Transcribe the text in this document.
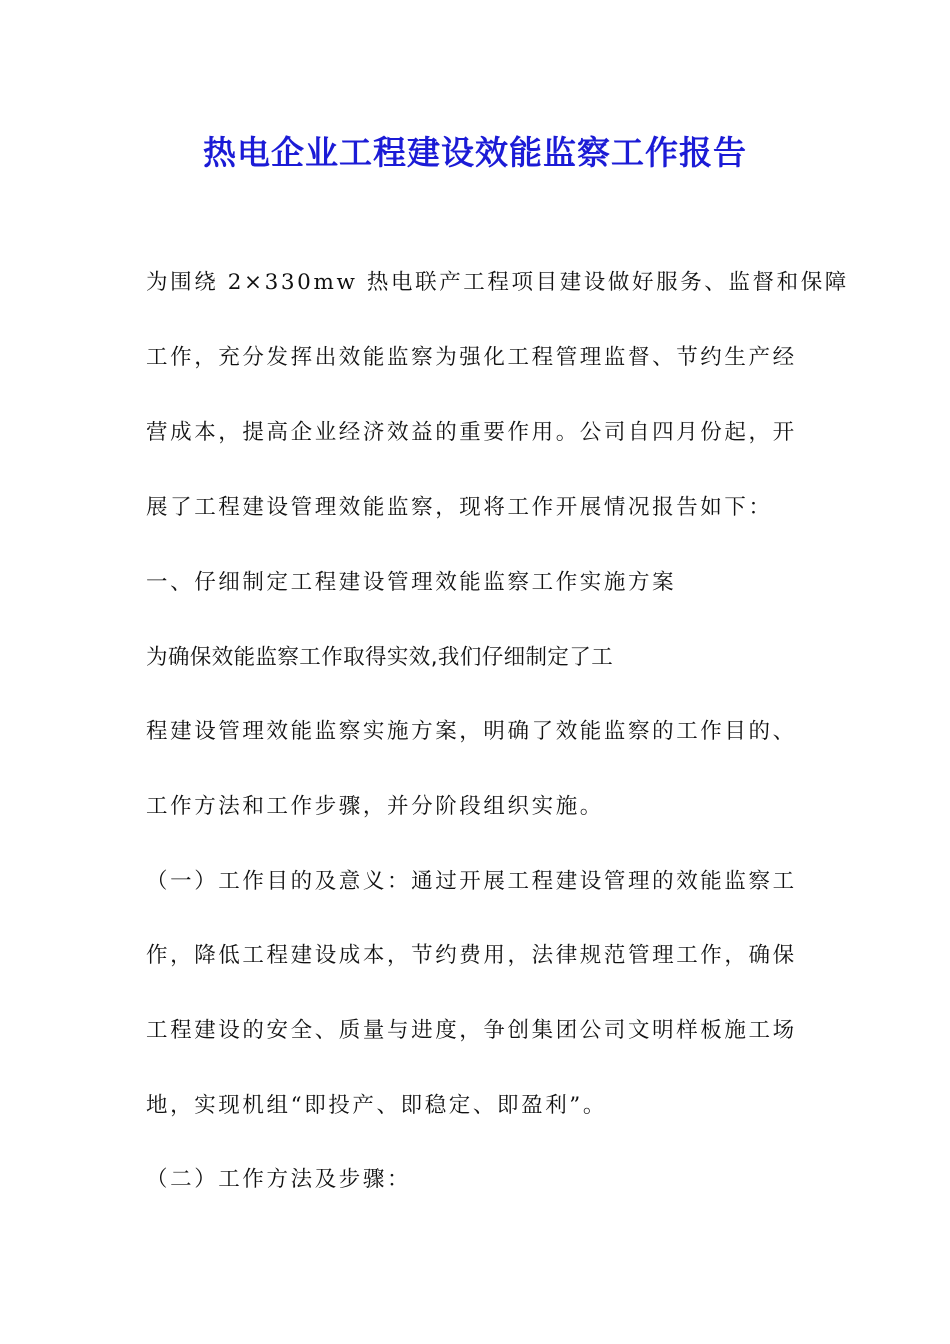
热电企业工程建设效能监察工作报告
为围绕 2×330mw 热电联产工程项目建设做好服务、监督和保障
工作，充分发挥出效能监察为强化工程管理监督、节约生产经
营成本，提高企业经济效益的重要作用。公司自四月份起，开
展了工程建设管理效能监察，现将工作开展情况报告如下：
一、仔细制定工程建设管理效能监察工作实施方案
为确保效能监察工作取得实效,我们仔细制定了工
程建设管理效能监察实施方案，明确了效能监察的工作目的、
工作方法和工作步骤，并分阶段组织实施。
（一）工作目的及意义：通过开展工程建设管理的效能监察工
作，降低工程建设成本，节约费用，法律规范管理工作，确保
工程建设的安全、质量与进度，争创集团公司文明样板施工场
地，实现机组“即投产、即稳定、即盈利”。
（二）工作方法及步骤：
